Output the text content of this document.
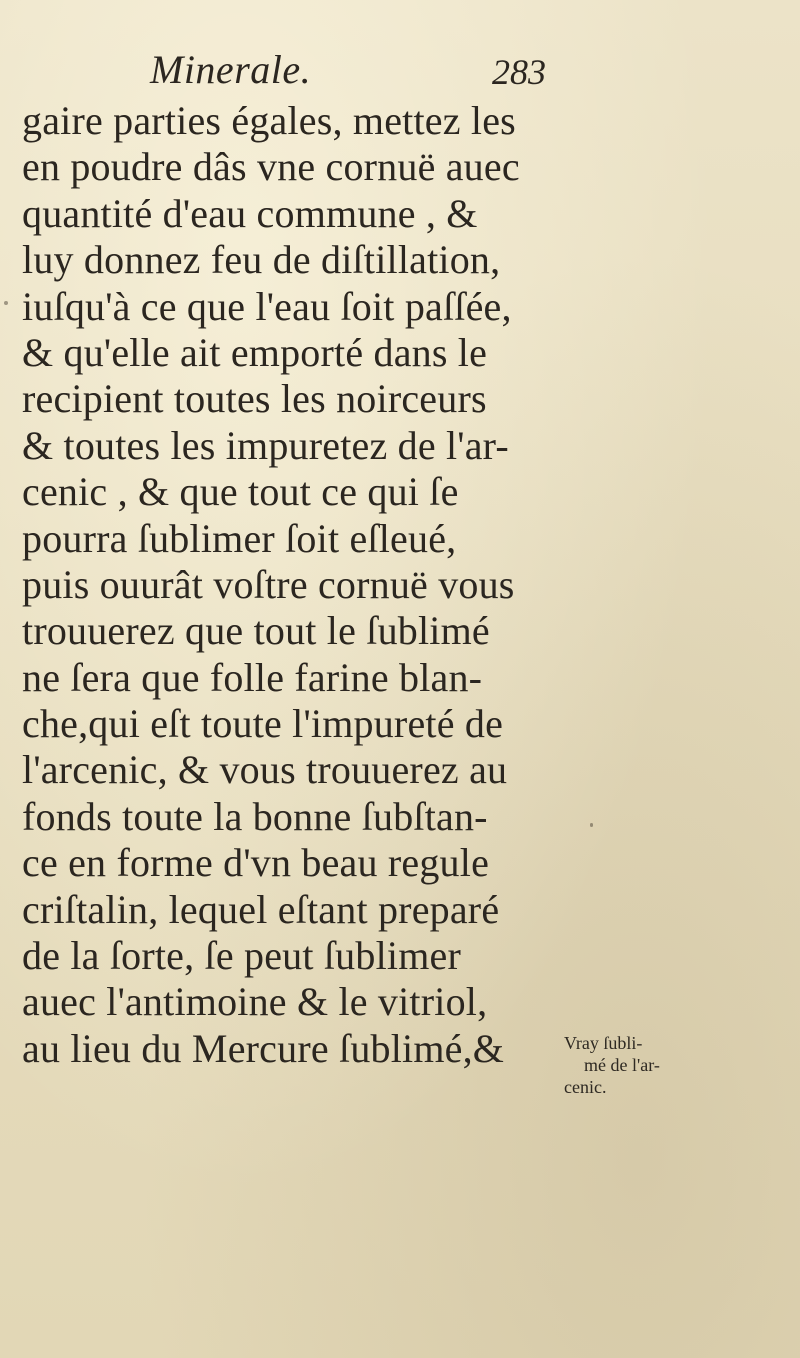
Minerale.	283
gaire parties égales, mettez les
en poudre dâs vne cornuë auec
quantité d'eau commune , &
luy donnez feu de diſtillation,
iuſqu'à ce que l'eau ſoit paſſée,
& qu'elle ait emporté dans le
recipient toutes les noirceurs
& toutes les impuretez de l'ar-
cenic , & que tout ce qui ſe
pourra ſublimer ſoit eſleué,
puis ouurât voſtre cornuë vous
trouuerez que tout le ſublimé
ne ſera que folle farine blan-
che,qui eſt toute l'impureté de
l'arcenic, & vous trouuerez au
fonds toute la bonne ſubſtan-
ce en forme d'vn beau regule
criſtalin, lequel eſtant preparé
de la ſorte, ſe peut ſublimer
auec l'antimoine & le vitriol,
au lieu du Mercure ſublimé,&	Vray ſubli-
mé de l'ar-
cenic.
